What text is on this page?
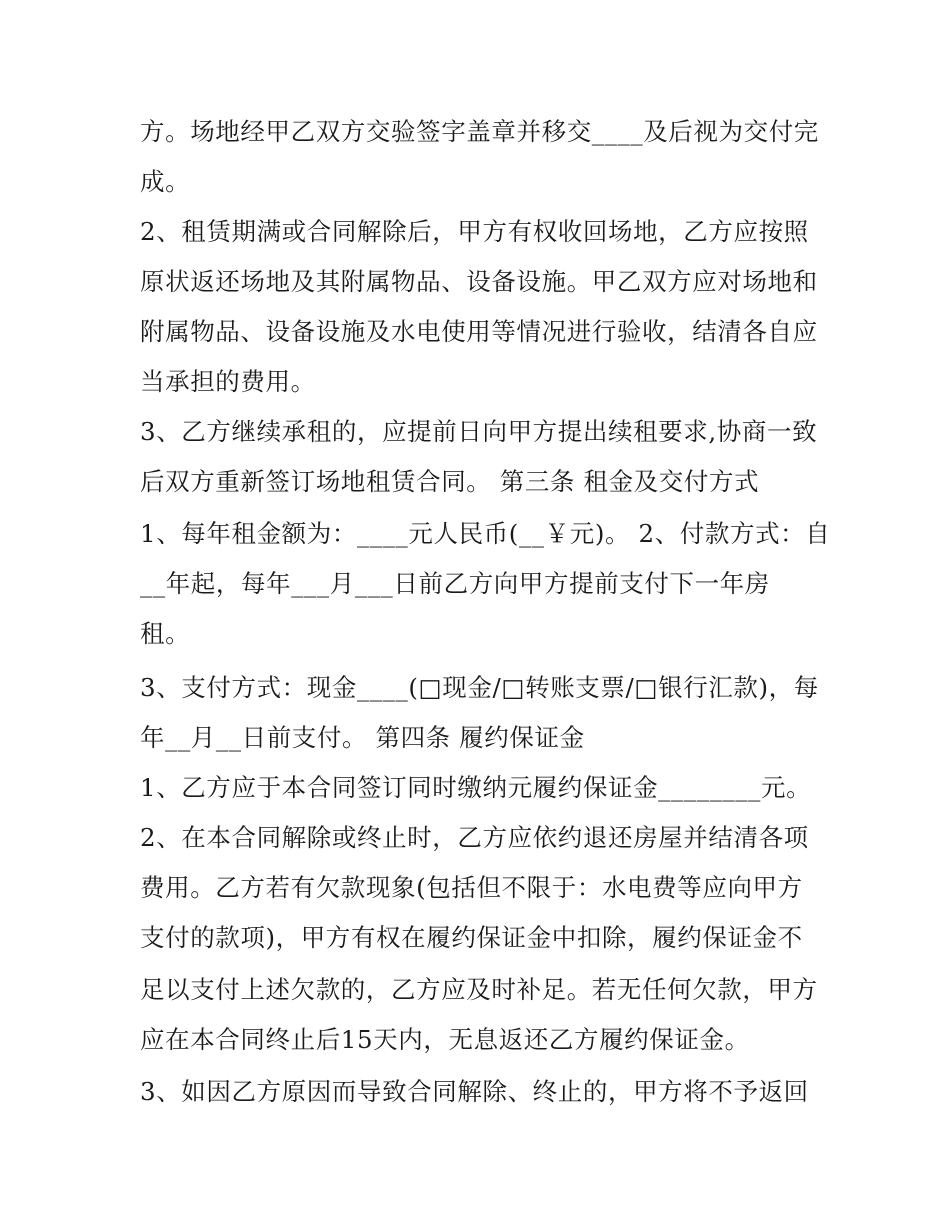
方。场地经甲乙双方交验签字盖章并移交____及后视为交付完

成。

2、租赁期满或合同解除后，甲方有权收回场地，乙方应按照

原状返还场地及其附属物品、设备设施。甲乙双方应对场地和

附属物品、设备设施及水电使用等情况进行验收，结清各自应

当承担的费用。

3、乙方继续承租的，应提前日向甲方提出续租要求,协商一致

后双方重新签订场地租赁合同。 第三条 租金及交付方式

1、每年租金额为：____元人民币(__￥元)。 2、付款方式：自

__年起，每年___月___日前乙方向甲方提前支付下一年房

租。

3、支付方式：现金____(□现金/□转账支票/□银行汇款)，每

年__月__日前支付。 第四条 履约保证金

1、乙方应于本合同签订同时缴纳元履约保证金________元。

2、在本合同解除或终止时，乙方应依约退还房屋并结清各项

费用。乙方若有欠款现象(包括但不限于：水电费等应向甲方

支付的款项)，甲方有权在履约保证金中扣除，履约保证金不

足以支付上述欠款的，乙方应及时补足。若无任何欠款，甲方

应在本合同终止后15天内，无息返还乙方履约保证金。

3、如因乙方原因而导致合同解除、终止的，甲方将不予返回
